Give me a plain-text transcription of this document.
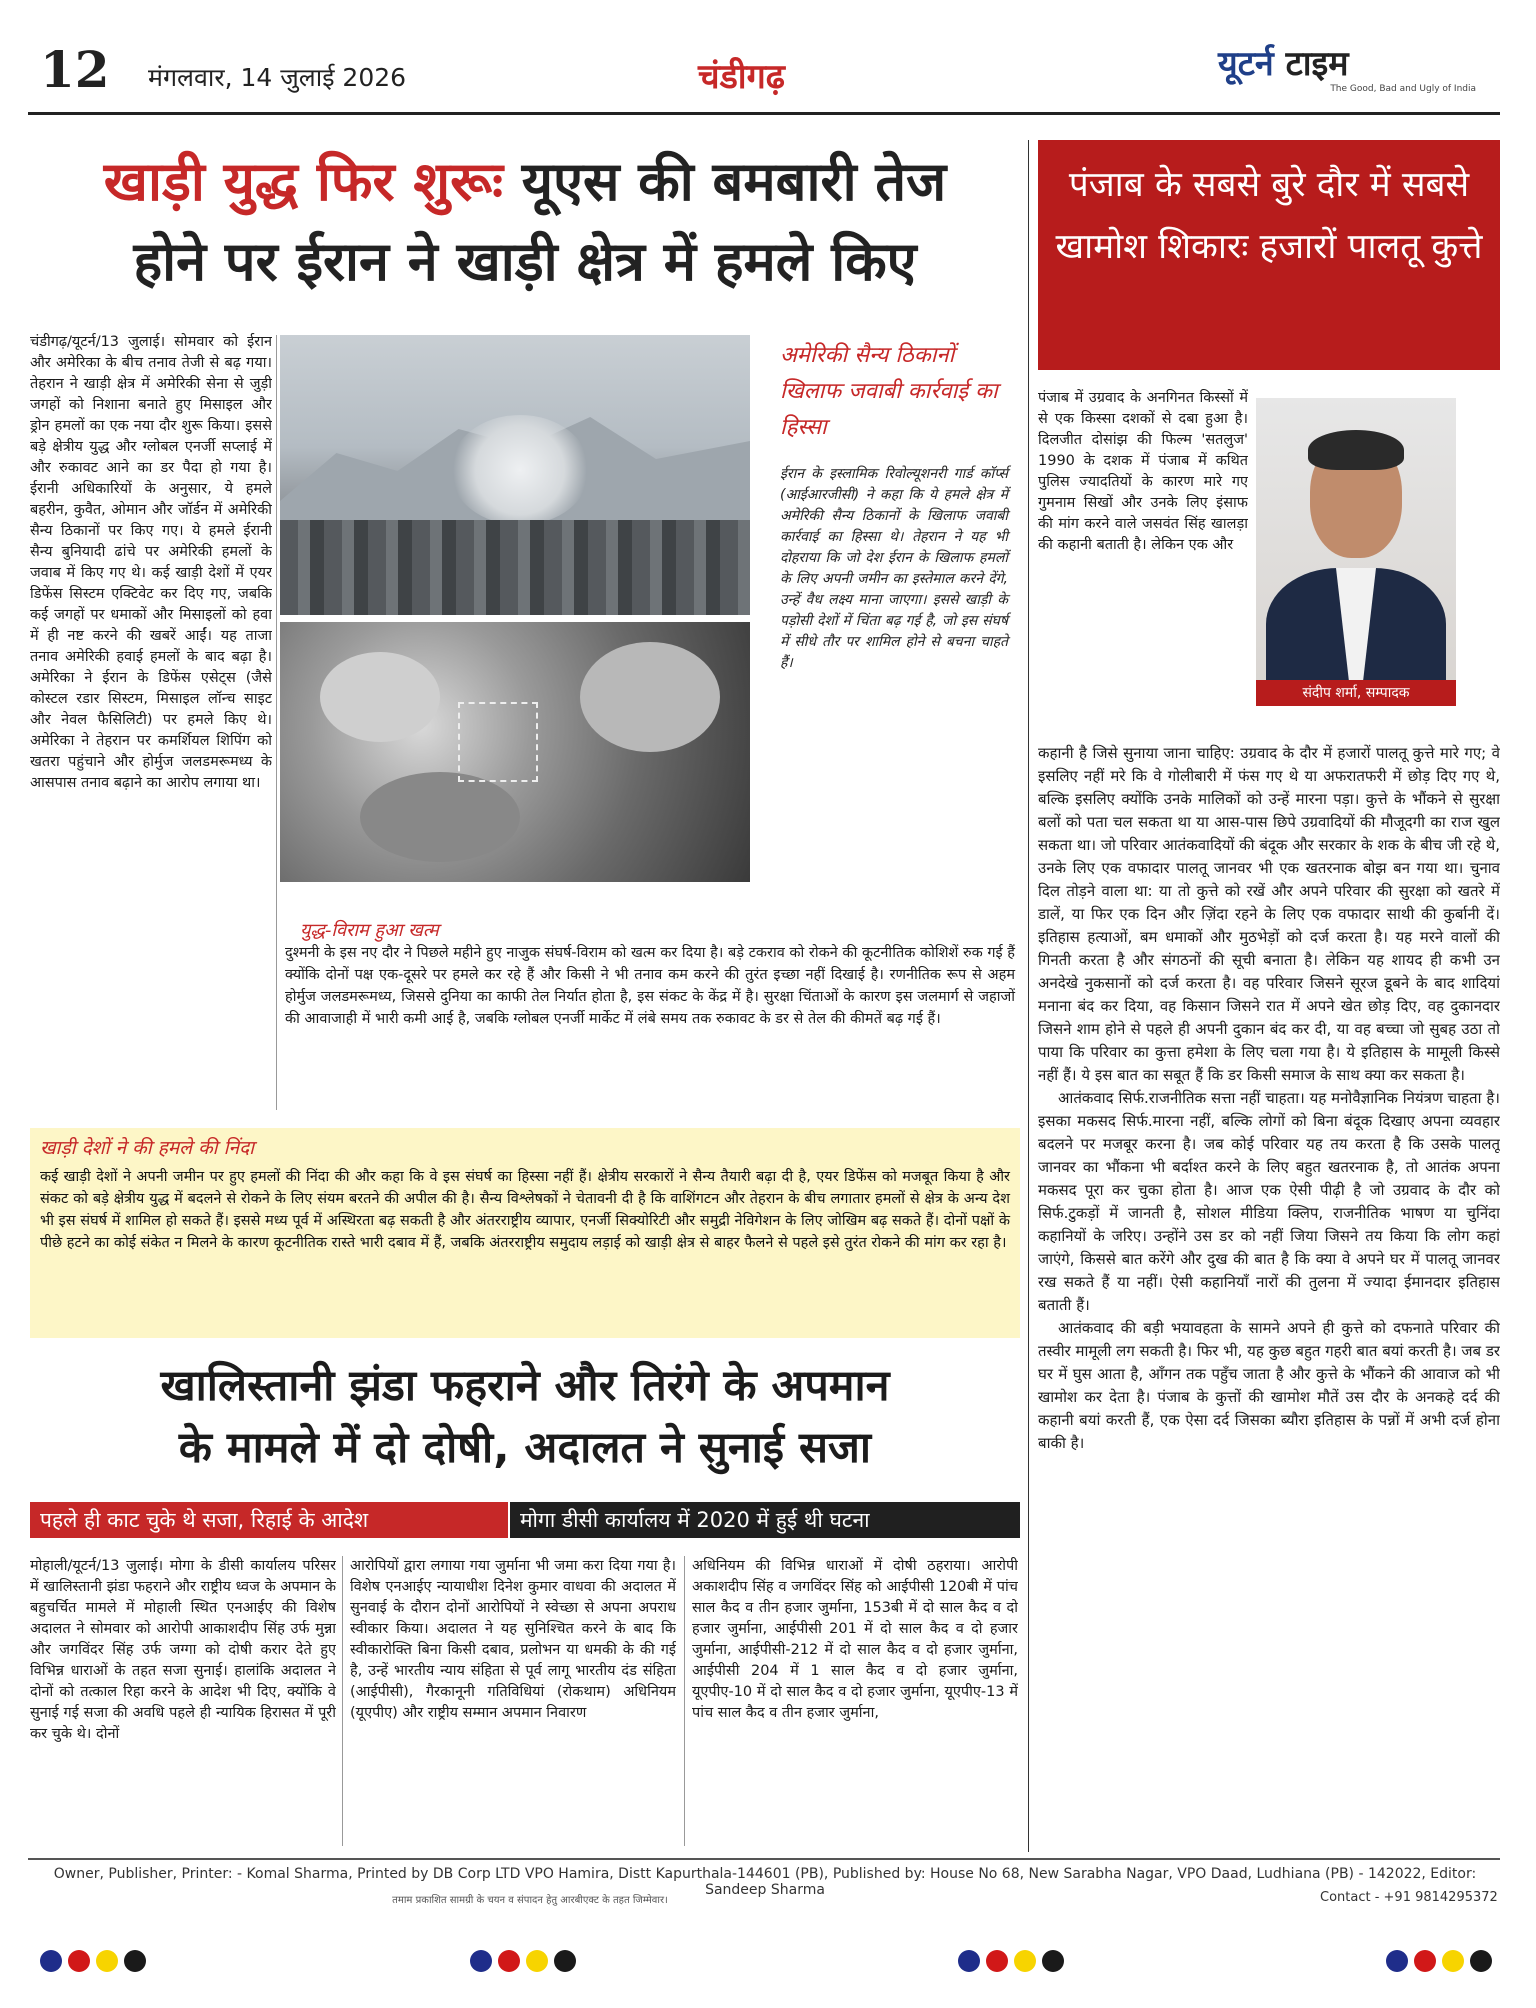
12 मंगलवार, 14 जुलाई 2026	चंडीगढ़	यूटर्न टाइम
The Good, Bad and Ugly of India
खाड़ी युद्ध फिर शुरूः यूएस की बमबारी तेज
होने पर ईरान ने खाड़ी क्षेत्र में हमले किए
चंडीगढ़/यूटर्न/13 जुलाई। सोमवार को ईरान और अमेरिका के बीच तनाव तेजी से बढ़ गया। तेहरान ने खाड़ी क्षेत्र में अमेरिकी सेना से जुड़ी जगहों को निशाना बनाते हुए मिसाइल और ड्रोन हमलों का एक नया दौर शुरू किया। इससे बड़े क्षेत्रीय युद्ध और ग्लोबल एनर्जी सप्लाई में और रुकावट आने का डर पैदा हो गया है। ईरानी अधिकारियों के अनुसार, ये हमले बहरीन, कुवैत, ओमान और जॉर्डन में अमेरिकी सैन्य ठिकानों पर किए गए। ये हमले ईरानी सैन्य बुनियादी ढांचे पर अमेरिकी हमलों के जवाब में किए गए थे। कई खाड़ी देशों में एयर डिफेंस सिस्टम एक्टिवेट कर दिए गए, जबकि कई जगहों पर धमाकों और मिसाइलों को हवा में ही नष्ट करने की खबरें आईं। यह ताजा तनाव अमेरिकी हवाई हमलों के बाद बढ़ा है। अमेरिका ने ईरान के डिफेंस एसेट्स (जैसे कोस्टल रडार सिस्टम, मिसाइल लॉन्च साइट और नेवल फैसिलिटी) पर हमले किए थे। अमेरिका ने तेहरान पर कमर्शियल शिपिंग को खतरा पहुंचाने और होर्मुज जलडमरूमध्य के आसपास तनाव बढ़ाने का आरोप लगाया था।
अमेरिकी सैन्य ठिकानों खिलाफ जवाबी कार्रवाई का हिस्सा
ईरान के इस्लामिक रिवोल्यूशनरी गार्ड कॉर्प्स (आईआरजीसी) ने कहा कि ये हमले क्षेत्र में अमेरिकी सैन्य ठिकानों के खिलाफ जवाबी कार्रवाई का हिस्सा थे। तेहरान ने यह भी दोहराया कि जो देश ईरान के खिलाफ हमलों के लिए अपनी जमीन का इस्तेमाल करने देंगे, उन्हें वैध लक्ष्य माना जाएगा। इससे खाड़ी के पड़ोसी देशों में चिंता बढ़ गई है, जो इस संघर्ष में सीधे तौर पर शामिल होने से बचना चाहते हैं।
युद्ध-विराम हुआ खत्म
दुश्मनी के इस नए दौर ने पिछले महीने हुए नाजुक संघर्ष-विराम को खत्म कर दिया है। बड़े टकराव को रोकने की कूटनीतिक कोशिशें रुक गई हैं क्योंकि दोनों पक्ष एक-दूसरे पर हमले कर रहे हैं और किसी ने भी तनाव कम करने की तुरंत इच्छा नहीं दिखाई है। रणनीतिक रूप से अहम होर्मुज जलडमरूमध्य, जिससे दुनिया का काफी तेल निर्यात होता है, इस संकट के केंद्र में है। सुरक्षा चिंताओं के कारण इस जलमार्ग से जहाजों की आवाजाही में भारी कमी आई है, जबकि ग्लोबल एनर्जी मार्केट में लंबे समय तक रुकावट के डर से तेल की कीमतें बढ़ गई हैं।
खाड़ी देशों ने की हमले की निंदा
कई खाड़ी देशों ने अपनी जमीन पर हुए हमलों की निंदा की और कहा कि वे इस संघर्ष का हिस्सा नहीं हैं। क्षेत्रीय सरकारों ने सैन्य तैयारी बढ़ा दी है, एयर डिफेंस को मजबूत किया है और संकट को बड़े क्षेत्रीय युद्ध में बदलने से रोकने के लिए संयम बरतने की अपील की है। सैन्य विश्लेषकों ने चेतावनी दी है कि वाशिंगटन और तेहरान के बीच लगातार हमलों से क्षेत्र के अन्य देश भी इस संघर्ष में शामिल हो सकते हैं। इससे मध्य पूर्व में अस्थिरता बढ़ सकती है और अंतरराष्ट्रीय व्यापार, एनर्जी सिक्योरिटी और समुद्री नेविगेशन के लिए जोखिम बढ़ सकते हैं। दोनों पक्षों के पीछे हटने का कोई संकेत न मिलने के कारण कूटनीतिक रास्ते भारी दबाव में हैं, जबकि अंतरराष्ट्रीय समुदाय लड़ाई को खाड़ी क्षेत्र से बाहर फैलने से पहले इसे तुरंत रोकने की मांग कर रहा है।
खालिस्तानी झंडा फहराने और तिरंगे के अपमान
के मामले में दो दोषी, अदालत ने सुनाई सजा
पहले ही काट चुके थे सजा, रिहाई के आदेश	मोगा डीसी कार्यालय में 2020 में हुई थी घटना
मोहाली/यूटर्न/13 जुलाई। मोगा के डीसी कार्यालय परिसर में खालिस्तानी झंडा फहराने और राष्ट्रीय ध्वज के अपमान के बहुचर्चित मामले में मोहाली स्थित एनआईए की विशेष अदालत ने सोमवार को आरोपी आकाशदीप सिंह उर्फ मुन्ना और जगविंदर सिंह उर्फ जग्गा को दोषी करार देते हुए विभिन्न धाराओं के तहत सजा सुनाई। हालांकि अदालत ने दोनों को तत्काल रिहा करने के आदेश भी दिए, क्योंकि वे सुनाई गई सजा की अवधि पहले ही न्यायिक हिरासत में पूरी कर चुके थे। दोनों
आरोपियों द्वारा लगाया गया जुर्माना भी जमा करा दिया गया है। विशेष एनआईए न्यायाधीश दिनेश कुमार वाधवा की अदालत में सुनवाई के दौरान दोनों आरोपियों ने स्वेच्छा से अपना अपराध स्वीकार किया। अदालत ने यह सुनिश्चित करने के बाद कि स्वीकारोक्ति बिना किसी दबाव, प्रलोभन या धमकी के की गई है, उन्हें भारतीय न्याय संहिता से पूर्व लागू भारतीय दंड संहिता (आईपीसी), गैरकानूनी गतिविधियां (रोकथाम) अधिनियम (यूएपीए) और राष्ट्रीय सम्मान अपमान निवारण
अधिनियम की विभिन्न धाराओं में दोषी ठहराया। आरोपी अकाशदीप सिंह व जगविंदर सिंह को आईपीसी 120बी में पांच साल कैद व तीन हजार जुर्माना, 153बी में दो साल कैद व दो हजार जुर्माना, आईपीसी 201 में दो साल कैद व दो हजार जुर्माना, आईपीसी-212 में दो साल कैद व दो हजार जुर्माना, आईपीसी 204 में 1 साल कैद व दो हजार जुर्माना, यूएपीए-10 में दो साल कैद व दो हजार जुर्माना, यूएपीए-13 में पांच साल कैद व तीन हजार जुर्माना,
पंजाब के सबसे बुरे दौर में सबसे खामोश शिकारः हजारों पालतू कुत्ते
पंजाब में उग्रवाद के अनगिनत किस्सों में से एक किस्सा दशकों से दबा हुआ है। दिलजीत दोसांझ की फिल्म 'सतलुज' 1990 के दशक में पंजाब में कथित पुलिस ज्यादतियों के कारण मारे गए गुमनाम सिखों और उनके लिए इंसाफ की मांग करने वाले जसवंत सिंह खालड़ा की कहानी बताती है। लेकिन एक और
संदीप शर्मा, सम्पादक

कहानी है जिसे सुनाया जाना चाहिए: उग्रवाद के दौर में हजारों पालतू कुत्ते मारे गए; वे इसलिए नहीं मरे कि वे गोलीबारी में फंस गए थे या अफरातफरी में छोड़ दिए गए थे, बल्कि इसलिए क्योंकि उनके मालिकों को उन्हें मारना पड़ा। कुत्ते के भौंकने से सुरक्षा बलों को पता चल सकता था या आस-पास छिपे उग्रवादियों की मौजूदगी का राज खुल सकता था। जो परिवार आतंकवादियों की बंदूक और सरकार के शक के बीच जी रहे थे, उनके लिए एक वफादार पालतू जानवर भी एक खतरनाक बोझ बन गया था। चुनाव दिल तोड़ने वाला था: या तो कुत्ते को रखें और अपने परिवार की सुरक्षा को खतरे में डालें, या फिर एक दिन और ज़िंदा रहने के लिए एक वफादार साथी की कुर्बानी दें। इतिहास हत्याओं, बम धमाकों और मुठभेड़ों को दर्ज करता है। यह मरने वालों की गिनती करता है और संगठनों की सूची बनाता है। लेकिन यह शायद ही कभी उन अनदेखे नुकसानों को दर्ज करता है। वह परिवार जिसने सूरज डूबने के बाद शादियां मनाना बंद कर दिया, वह किसान जिसने रात में अपने खेत छोड़ दिए, वह दुकानदार जिसने शाम होने से पहले ही अपनी दुकान बंद कर दी, या वह बच्चा जो सुबह उठा तो पाया कि परिवार का कुत्ता हमेशा के लिए चला गया है। ये इतिहास के मामूली किस्से नहीं हैं। ये इस बात का सबूत हैं कि डर किसी समाज के साथ क्या कर सकता है।

आतंकवाद सिर्फ.राजनीतिक सत्ता नहीं चाहता। यह मनोवैज्ञानिक नियंत्रण चाहता है। इसका मकसद सिर्फ.मारना नहीं, बल्कि लोगों को बिना बंदूक दिखाए अपना व्यवहार बदलने पर मजबूर करना है। जब कोई परिवार यह तय करता है कि उसके पालतू जानवर का भौंकना भी बर्दाश्त करने के लिए बहुत खतरनाक है, तो आतंक अपना मकसद पूरा कर चुका होता है। आज एक ऐसी पीढ़ी है जो उग्रवाद के दौर को सिर्फ.टुकड़ों में जानती है, सोशल मीडिया क्लिप, राजनीतिक भाषण या चुनिंदा कहानियों के जरिए। उन्होंने उस डर को नहीं जिया जिसने तय किया कि लोग कहां जाएंगे, किससे बात करेंगे और दुख की बात है कि क्या वे अपने घर में पालतू जानवर रख सकते हैं या नहीं। ऐसी कहानियाँ नारों की तुलना में ज्यादा ईमानदार इतिहास बताती हैं।

आतंकवाद की बड़ी भयावहता के सामने अपने ही कुत्ते को दफनाते परिवार की तस्वीर मामूली लग सकती है। फिर भी, यह कुछ बहुत गहरी बात बयां करती है। जब डर घर में घुस आता है, आँगन तक पहुँच जाता है और कुत्ते के भौंकने की आवाज को भी खामोश कर देता है। पंजाब के कुत्तों की खामोश मौतें उस दौर के अनकहे दर्द की कहानी बयां करती हैं, एक ऐसा दर्द जिसका ब्यौरा इतिहास के पन्नों में अभी दर्ज होना बाकी है।

Owner, Publisher, Printer: - Komal Sharma, Printed by DB Corp LTD VPO Hamira, Distt Kapurthala-144601 (PB), Published by: House No 68, New Sarabha Nagar, VPO Daad, Ludhiana (PB) - 142022, Editor: Sandeep Sharma
तमाम प्रकाशित सामग्री के चयन व संपादन हेतु आरबीएक्ट के तहत जिम्मेवार।	Contact - +91 9814295372
